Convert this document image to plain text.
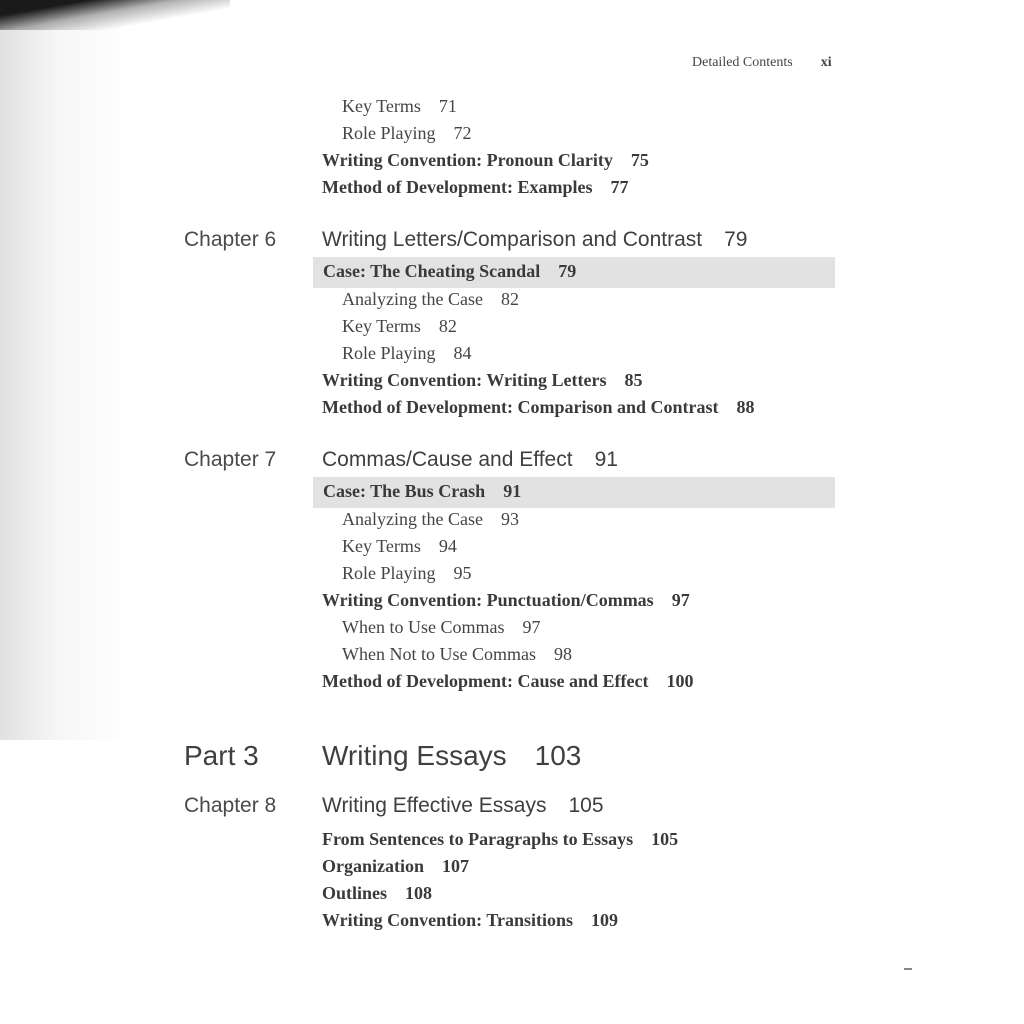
Detailed Contents xi
Key Terms 71
Role Playing 72
Writing Convention: Pronoun Clarity 75
Method of Development: Examples 77
Chapter 6 Writing Letters/Comparison and Contrast 79
Case: The Cheating Scandal 79
Analyzing the Case 82
Key Terms 82
Role Playing 84
Writing Convention: Writing Letters 85
Method of Development: Comparison and Contrast 88
Chapter 7 Commas/Cause and Effect 91
Case: The Bus Crash 91
Analyzing the Case 93
Key Terms 94
Role Playing 95
Writing Convention: Punctuation/Commas 97
When to Use Commas 97
When Not to Use Commas 98
Method of Development: Cause and Effect 100
Part 3 Writing Essays 103
Chapter 8 Writing Effective Essays 105
From Sentences to Paragraphs to Essays 105
Organization 107
Outlines 108
Writing Convention: Transitions 109
